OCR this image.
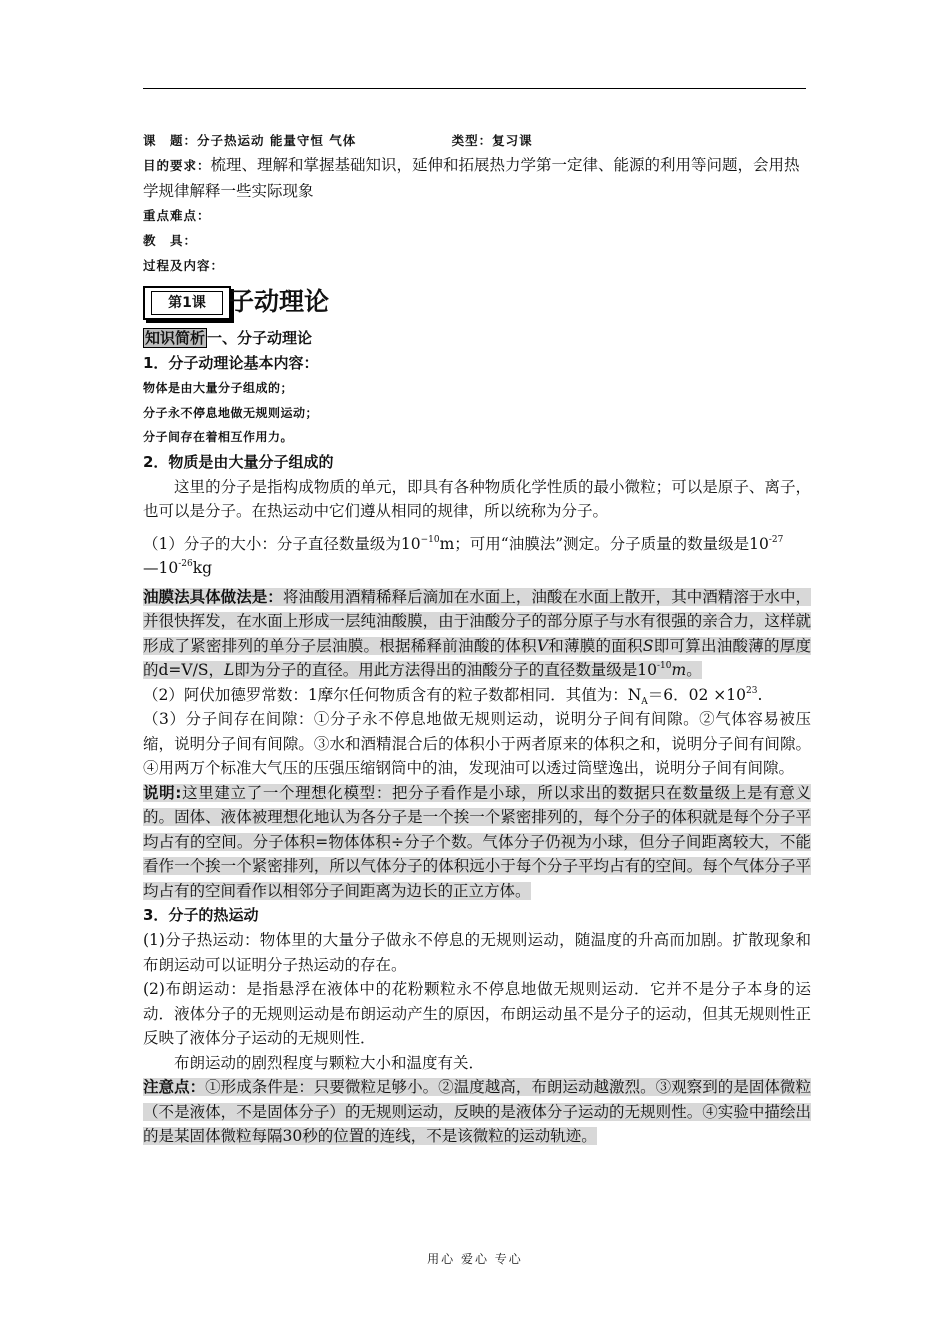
课　题：分子热运动 能量守恒 气体	类型：复习课
目的要求：梳理、理解和掌握基础知识，延伸和拓展热力学第一定律、能源的利用等问题，会用热学规律解释一些实际现象
重点难点：
教　具：
过程及内容：
第1课 子动理论
知识简析 一、分子动理论
1．分子动理论基本内容：
物体是由大量分子组成的；
分子永不停息地做无规则运动；
分子间存在着相互作用力。
2．物质是由大量分子组成的

这里的分子是指构成物质的单元，即具有各种物质化学性质的最小微粒；可以是原子、离子，也可以是分子。在热运动中它们遵从相同的规律，所以统称为分子。

（1）分子的大小：分子直径数量级为$10^{-10}m$；可用“油膜法”测定。分子质量的数量级是$10^{-27}$
$—10^{-26}kg$

油膜法具体做法是：将油酸用酒精稀释后滴加在水面上，油酸在水面上散开，其中酒精溶于水中，并很快挥发，在水面上形成一层纯油酸膜，由于油酸分子的部分原子与水有很强的亲合力，这样就形成了紧密排列的单分子层油膜。根据稀释前油酸的体积V和薄膜的面积S即可算出油酸薄的厚度的d=V/S，L即为分子的直径。用此方法得出的油酸分子的直径数量级是$10^{-10}m$。

（2）阿伏加德罗常数：1摩尔任何物质含有的粒子数都相同．其值为：$N_A=6$．$02 \times 10^{23}$.

（3）分子间存在间隙：①分子永不停息地做无规则运动，说明分子间有间隙。②气体容易被压缩，说明分子间有间隙。③水和酒精混合后的体积小于两者原来的体积之和，说明分子间有间隙。④用两万个标准大气压的压强压缩钢筒中的油，发现油可以透过筒壁逸出，说明分子间有间隙。

说明:这里建立了一个理想化模型：把分子看作是小球，所以求出的数据只在数量级上是有意义的。固体、液体被理想化地认为各分子是一个挨一个紧密排列的，每个分子的体积就是每个分子平均占有的空间。分子体积=物体体积÷分子个数。气体分子仍视为小球，但分子间距离较大，不能看作一个挨一个紧密排列，所以气体分子的体积远小于每个分子平均占有的空间。每个气体分子平均占有的空间看作以相邻分子间距离为边长的正立方体。

3．分子的热运动

(1)分子热运动：物体里的大量分子做永不停息的无规则运动，随温度的升高而加剧。扩散现象和布朗运动可以证明分子热运动的存在。

(2)布朗运动：是指悬浮在液体中的花粉颗粒永不停息地做无规则运动．它并不是分子本身的运动．液体分子的无规则运动是布朗运动产生的原因，布朗运动虽不是分子的运动，但其无规则性正反映了液体分子运动的无规则性．

布朗运动的剧烈程度与颗粒大小和温度有关．

注意点：①形成条件是：只要微粒足够小。②温度越高，布朗运动越激烈。③观察到的是固体微粒（不是液体，不是固体分子）的无规则运动，反映的是液体分子运动的无规则性。④实验中描绘出的是某固体微粒每隔30秒的位置的连线，不是该微粒的运动轨迹。

用心 爱心 专心
